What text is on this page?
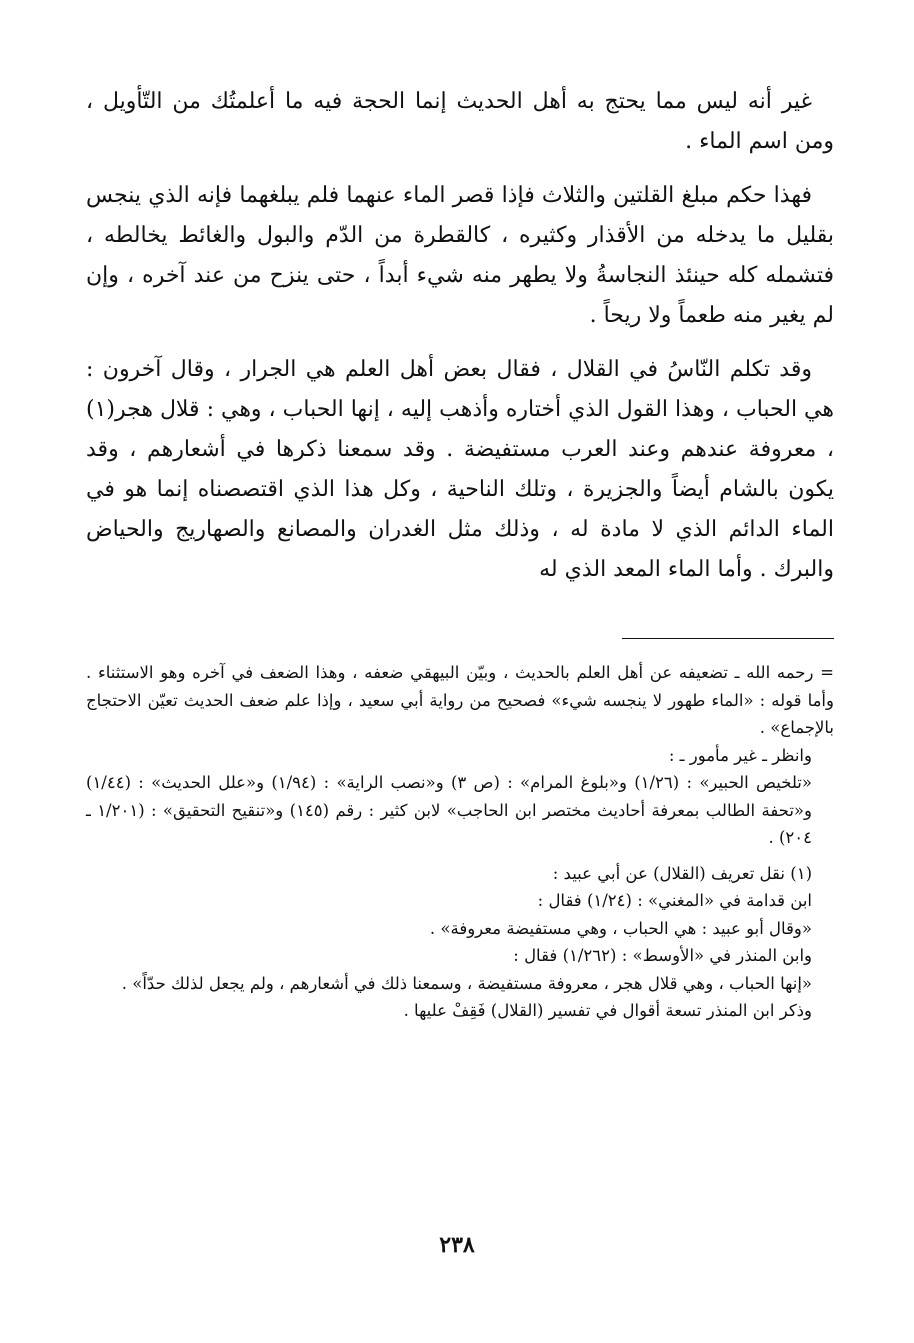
غير أنه ليس مما يحتج به أهل الحديث إنما الحجة فيه ما أعلمتُك من التّأويل ، ومن اسم الماء .

فهذا حكم مبلغ القلتين والثلاث فإذا قصر الماء عنهما فلم يبلغهما فإنه الذي ينجس بقليل ما يدخله من الأقذار وكثيره ، كالقطرة من الدّم والبول والغائط يخالطه ، فتشمله كله حينئذ النجاسةُ ولا يطهر منه شيء أبداً ، حتى ينزح من عند آخره ، وإن لم يغير منه طعماً ولا ريحاً .

وقد تكلم النّاسُ في القلال ، فقال بعض أهل العلم هي الجرار ، وقال آخرون : هي الحباب ، وهذا القول الذي أختاره وأذهب إليه ، إنها الحباب ، وهي : قلال هجر(١) ، معروفة عندهم وعند العرب مستفيضة . وقد سمعنا ذكرها في أشعارهم ، وقد يكون بالشام أيضاً والجزيرة ، وتلك الناحية ، وكل هذا الذي اقتصصناه إنما هو في الماء الدائم الذي لا مادة له ، وذلك مثل الغدران والمصانع والصهاريج والحياض والبرك . وأما الماء المعد الذي له

= رحمه الله ـ تضعيفه عن أهل العلم بالحديث ، وبيّن البيهقي ضعفه ، وهذا الضعف في آخره وهو الاستثناء . وأما قوله : «الماء طهور لا ينجسه شيء» فصحيح من رواية أبي سعيد ، وإذا علم ضعف الحديث تعيّن الاحتجاج بالإجماع» .

وانظر ـ غير مأمور ـ :

«تلخيص الحبير» : (١/٢٦) و«بلوغ المرام» : (ص ٣) و«نصب الراية» : (١/٩٤) و«علل الحديث» : (١/٤٤) و«تحفة الطالب بمعرفة أحاديث مختصر ابن الحاجب» لابن كثير : رقم (١٤٥) و«تنقيح التحقيق» : (١/٢٠١ ـ ٢٠٤) .

(١) نقل تعريف (القلال) عن أبي عبيد :

ابن قدامة في «المغني» : (١/٢٤) فقال :

«وقال أبو عبيد : هي الحباب ، وهي مستفيضة معروفة» .

وابن المنذر في «الأوسط» : (١/٢٦٢) فقال :

«إنها الحباب ، وهي قلال هجر ، معروفة مستفيضة ، وسمعنا ذلك في أشعارهم ، ولم يجعل لذلك حدّاً» .

وذكر ابن المنذر تسعة أقوال في تفسير (القلال) فَقِفْ عليها .

٢٣٨
